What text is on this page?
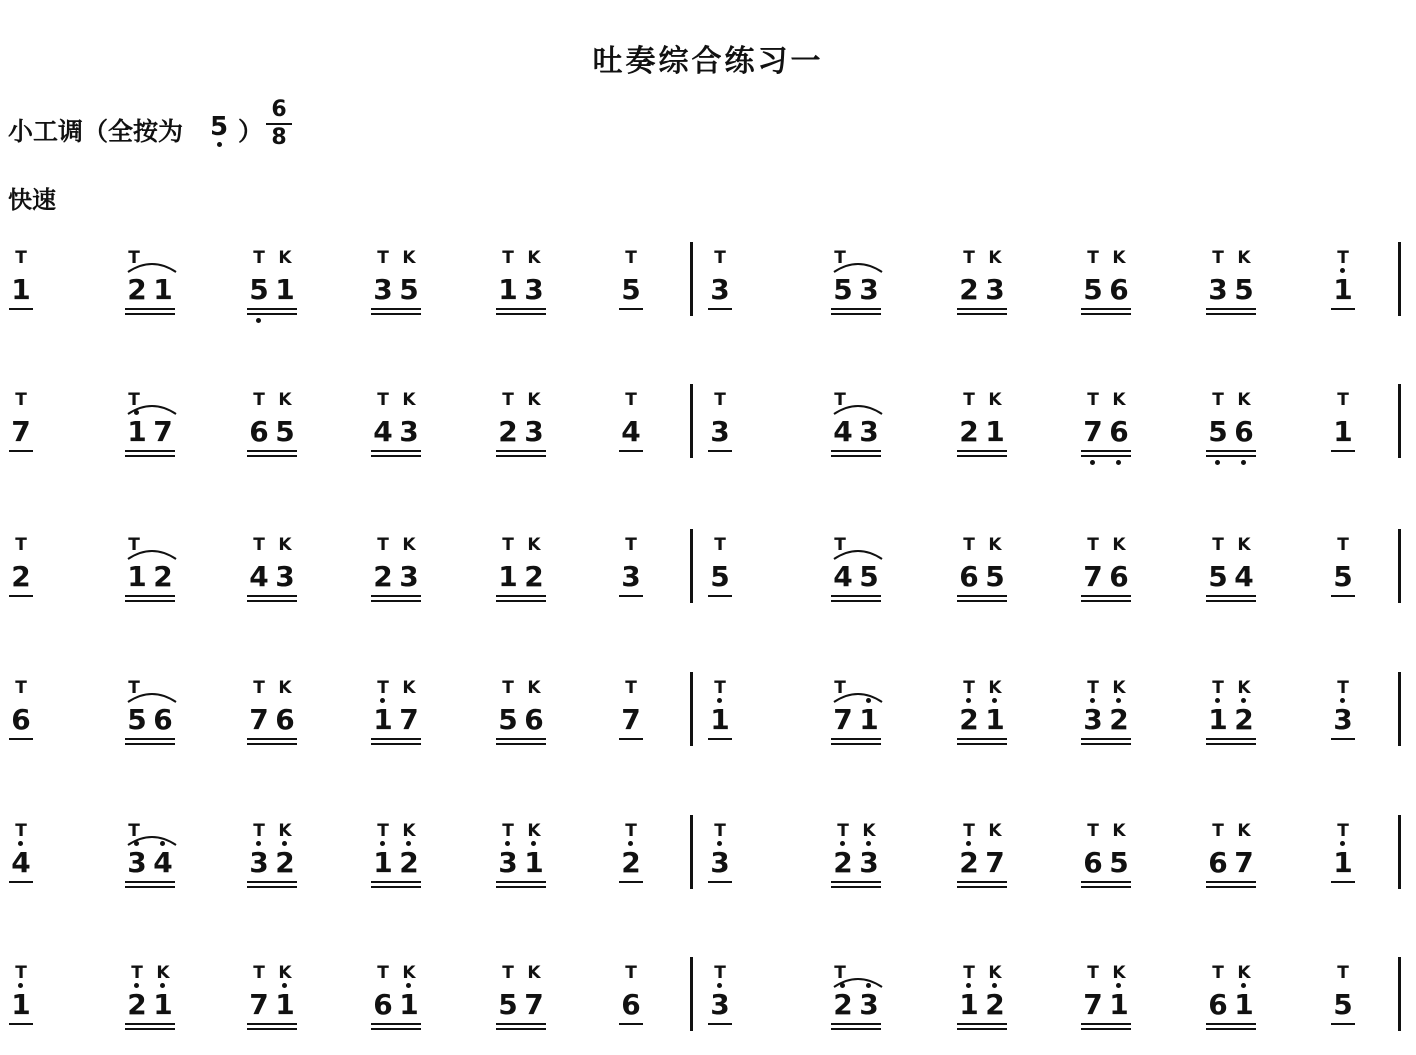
吐奏综合练习一
小工调（全按为 5 ）
6
8
快速
T
1
T
2 1
T K
5 1
T K
3 5
T K
1 3
T
5
T
3
T
5 3
T K
2 3
T K
5 6
T K
3 5
T
1
T
7
T
1 7
T K
6 5
T K
4 3
T K
2 3
T
4
T
3
T
4 3
T K
2 1
T K
7 6
T K
5 6
T
1
T
2
T
1 2
T K
4 3
T K
2 3
T K
1 2
T
3
T
5
T
4 5
T K
6 5
T K
7 6
T K
5 4
T
5
T
6
T
5 6
T K
7 6
T K
1 7
T K
5 6
T
7
T
1
T
7 1
T K
2 1
T K
3 2
T K
1 2
T
3
T
4
T
3 4
T K
3 2
T K
1 2
T K
3 1
T
2
T
3
T K
2 3
T K
2 7
T K
6 5
T K
6 7
T
1
T
1
T K
2 1
T K
7 1
T K
6 1
T K
5 7
T
6
T
3
T
2 3
T K
1 2
T K
7 1
T K
6 1
T
5
